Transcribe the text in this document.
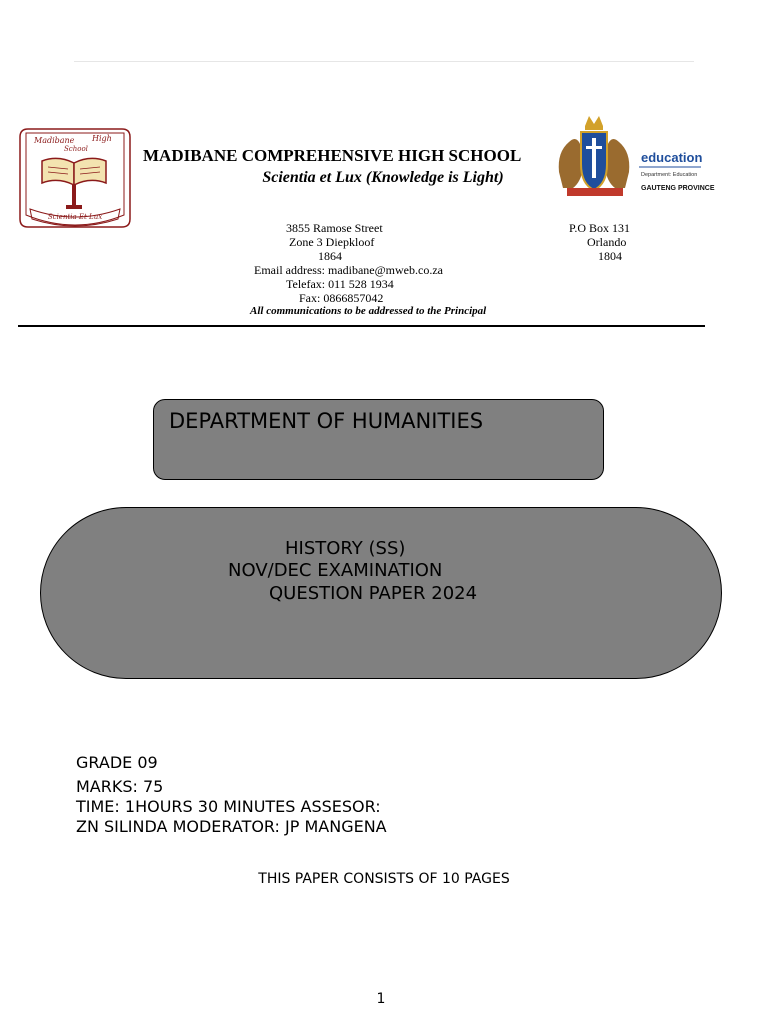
Madibane High
School
Scientia Et Lux
MADIBANE COMPREHENSIVE HIGH SCHOOL
Scientia et Lux (Knowledge is Light)
education
Department: Education
GAUTENG PROVINCE
3855 Ramose Street
Zone 3 Diepkloof
1864
Email address: madibane@mweb.co.za
Telefax: 011 528 1934
Fax: 0866857042
P.O Box 131
Orlando
1804
All communications to be addressed to the Principal
DEPARTMENT OF HUMANITIES
HISTORY (SS)
NOV/DEC EXAMINATION
QUESTION PAPER 2024
GRADE 09
MARKS: 75
TIME: 1HOURS 30 MINUTES ASSESOR:
ZN SILINDA MODERATOR: JP MANGENA
THIS PAPER CONSISTS OF 10 PAGES
1
